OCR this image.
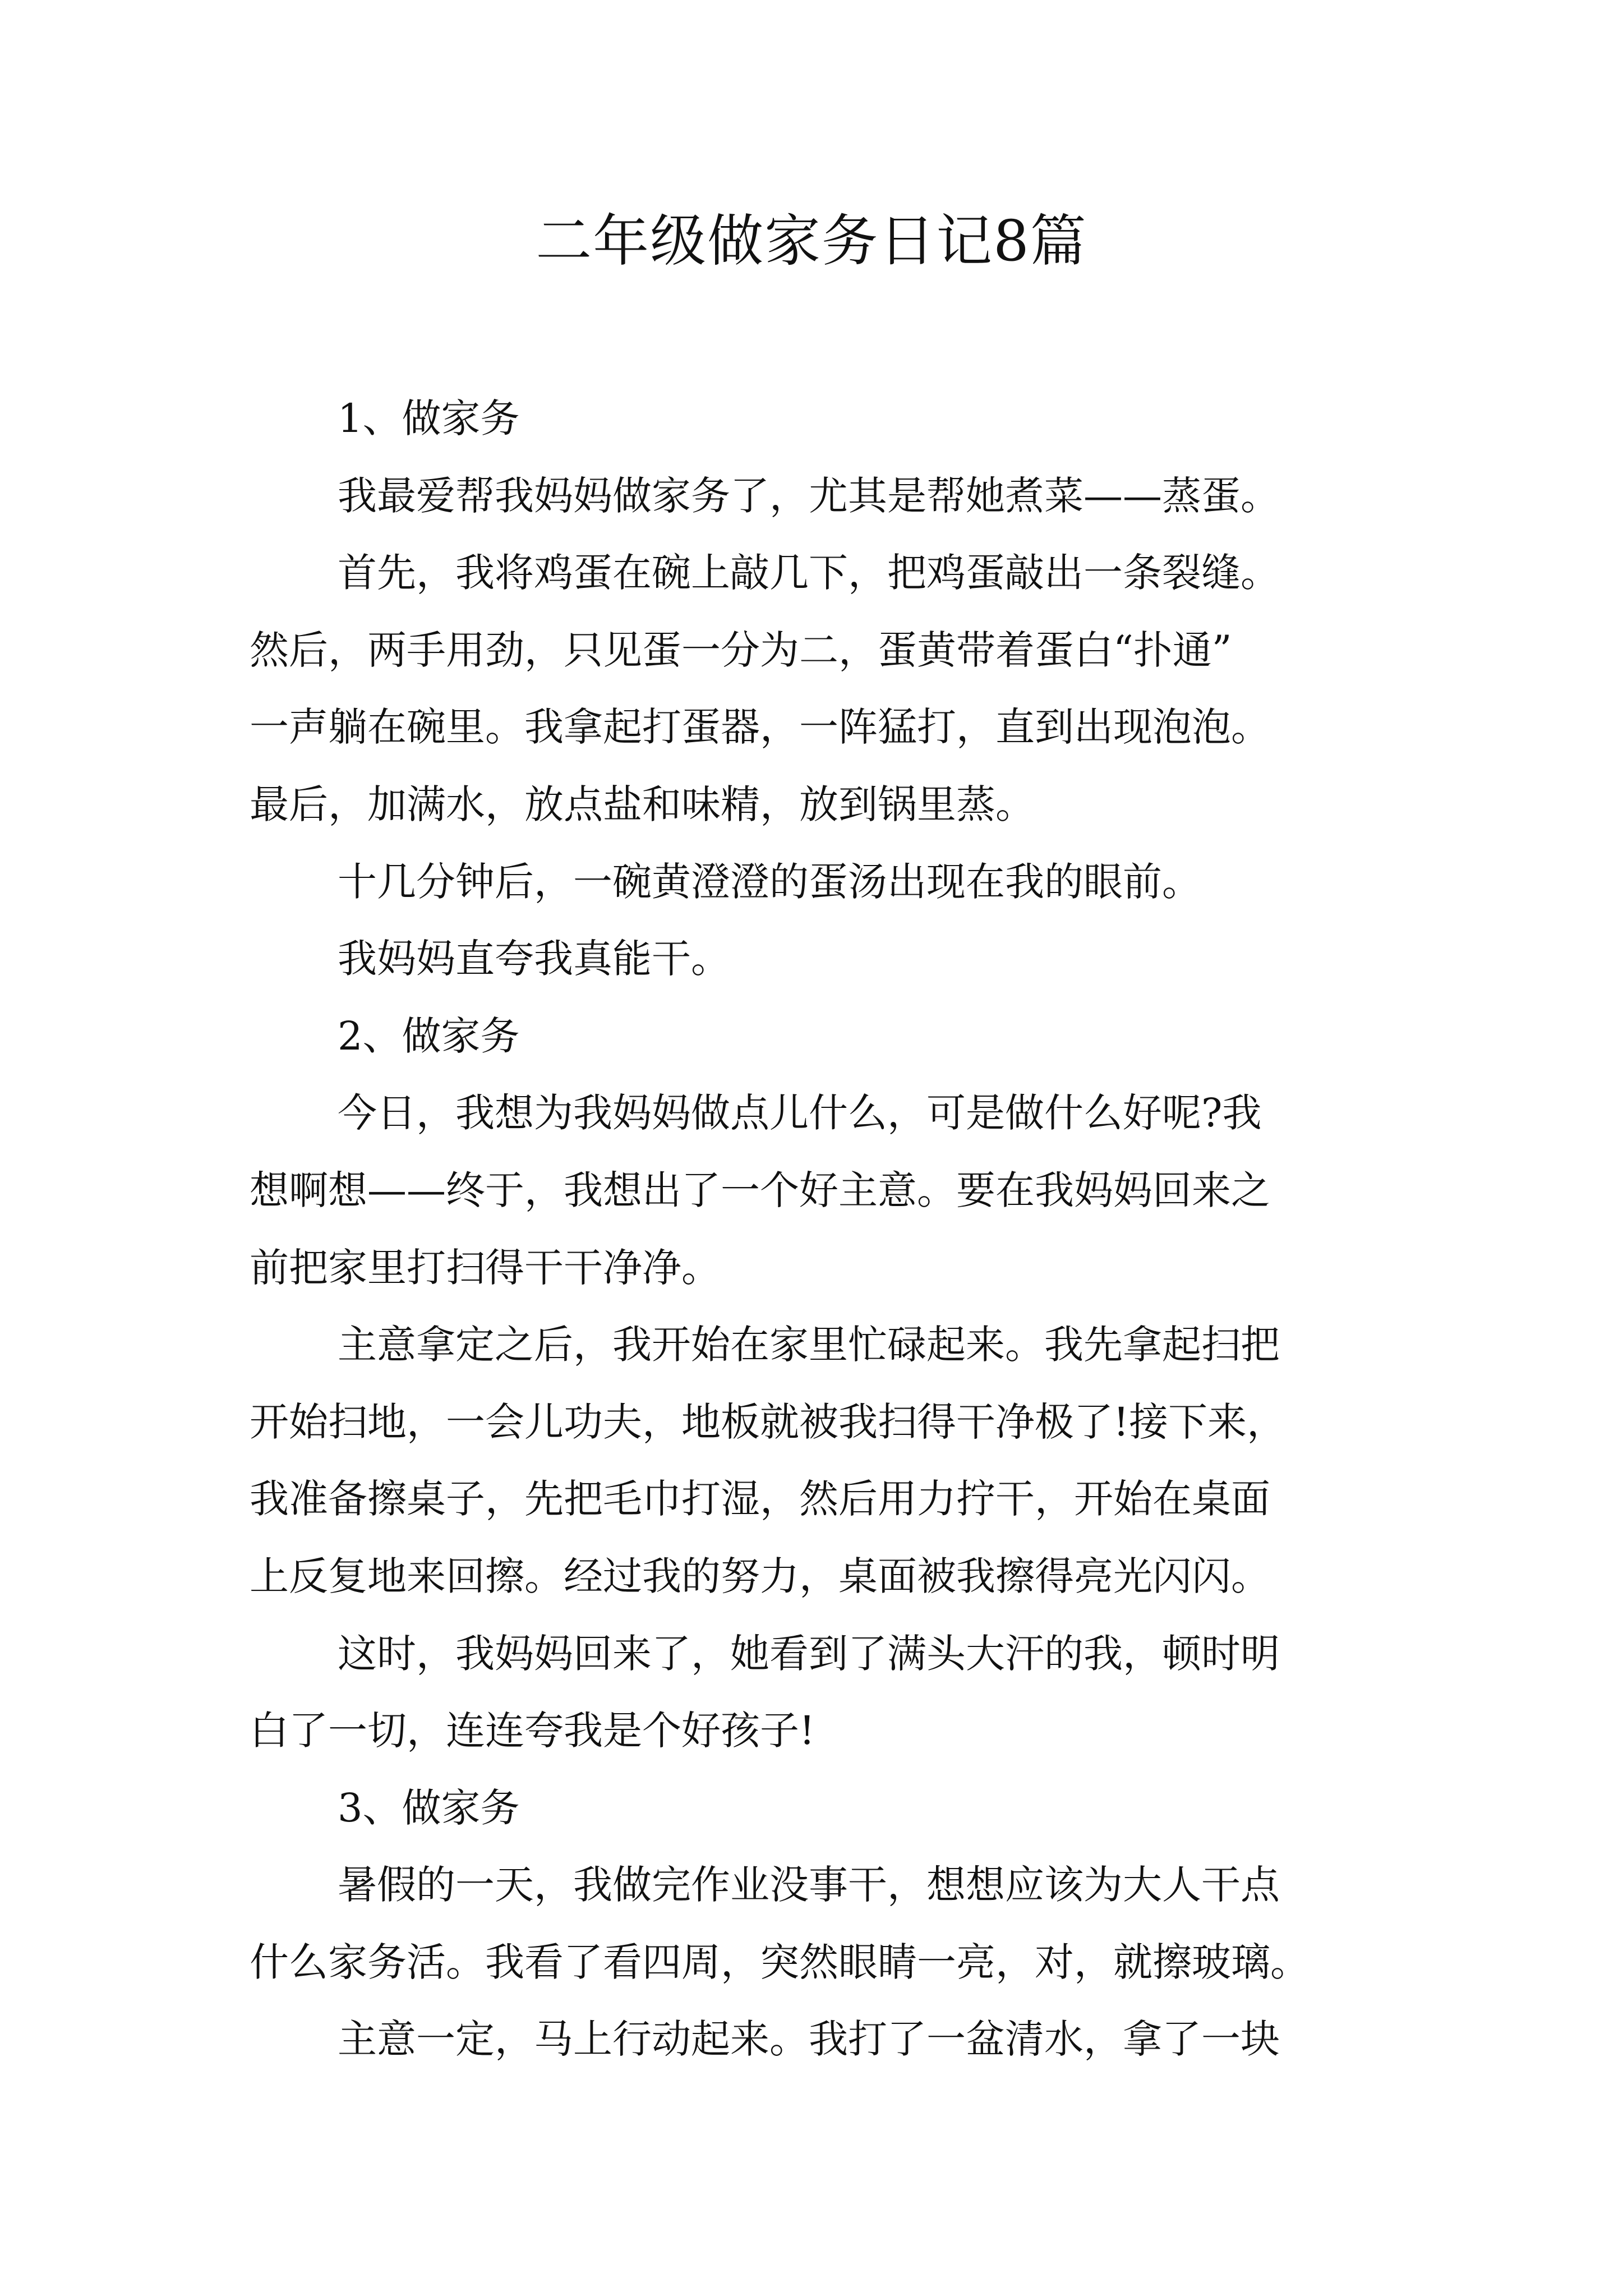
二年级做家务日记8篇

1、做家务

我最爱帮我妈妈做家务了，尤其是帮她煮菜——蒸蛋。

首先，我将鸡蛋在碗上敲几下，把鸡蛋敲出一条裂缝。

然后，两手用劲，只见蛋一分为二，蛋黄带着蛋白“扑通”

一声躺在碗里。我拿起打蛋器，一阵猛打，直到出现泡泡。

最后，加满水，放点盐和味精，放到锅里蒸。

十几分钟后，一碗黄澄澄的蛋汤出现在我的眼前。

我妈妈直夸我真能干。

2、做家务

今日，我想为我妈妈做点儿什么，可是做什么好呢?我

想啊想——终于，我想出了一个好主意。要在我妈妈回来之

前把家里打扫得干干净净。

主意拿定之后，我开始在家里忙碌起来。我先拿起扫把

开始扫地，一会儿功夫，地板就被我扫得干净极了!接下来，

我准备擦桌子，先把毛巾打湿，然后用力拧干，开始在桌面

上反复地来回擦。经过我的努力，桌面被我擦得亮光闪闪。

这时，我妈妈回来了，她看到了满头大汗的我，顿时明

白了一切，连连夸我是个好孩子!

3、做家务

暑假的一天，我做完作业没事干，想想应该为大人干点

什么家务活。我看了看四周，突然眼睛一亮，对，就擦玻璃。

主意一定，马上行动起来。我打了一盆清水，拿了一块
